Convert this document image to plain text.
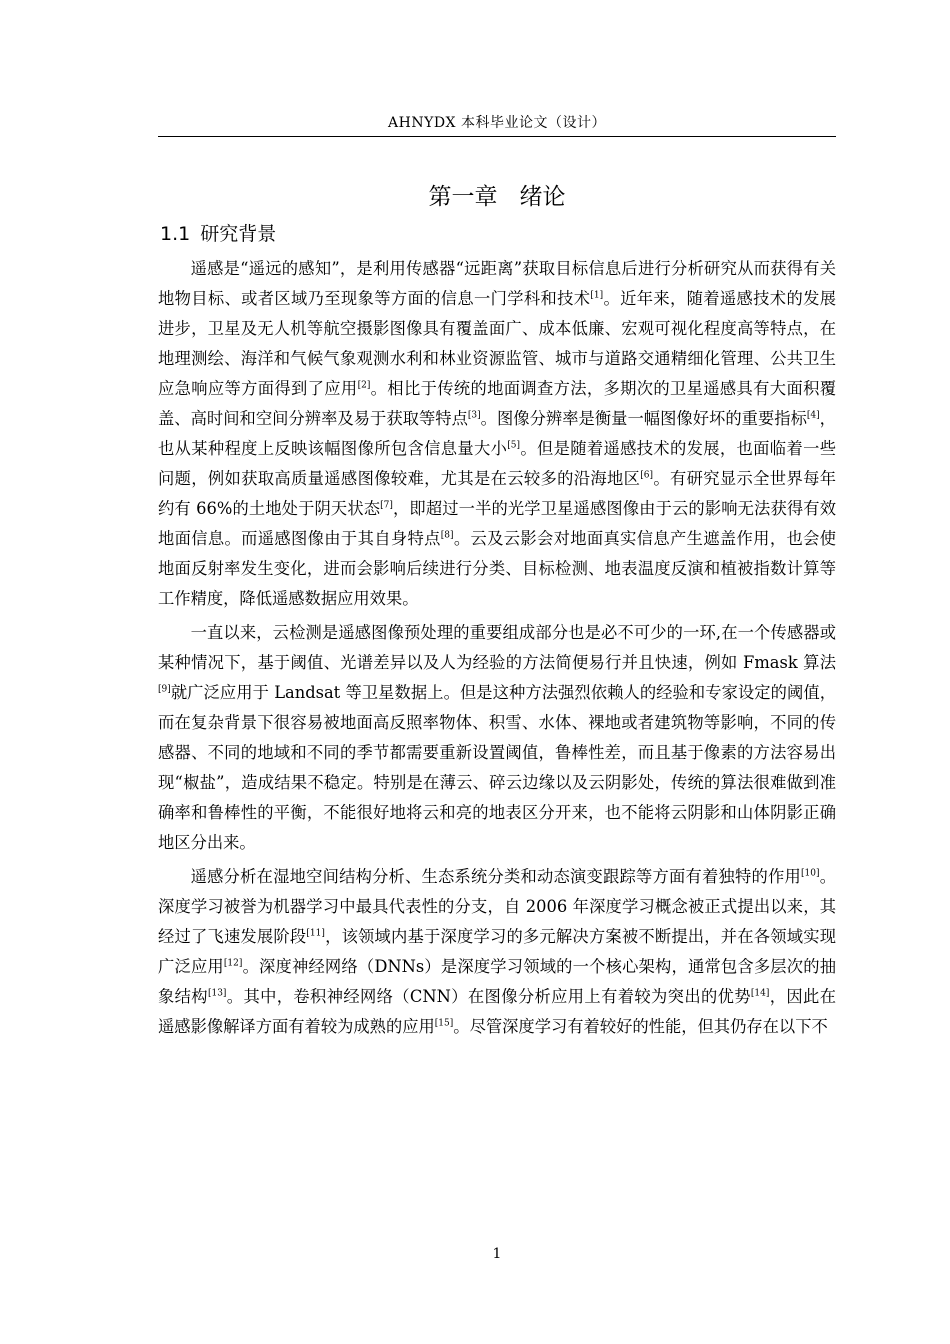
AHNYDX 本科毕业论文（设计）
第一章 绪论
1.1 研究背景

遥感是“遥远的感知”，是利用传感器“远距离”获取目标信息后进行分析研究从而获得有关地物目标、或者区域乃至现象等方面的信息一门学科和技术[1]。近年来，随着遥感技术的发展进步，卫星及无人机等航空摄影图像具有覆盖面广、成本低廉、宏观可视化程度高等特点，在地理测绘、海洋和气候气象观测水利和林业资源监管、城市与道路交通精细化管理、公共卫生应急响应等方面得到了应用[2]。相比于传统的地面调查方法，多期次的卫星遥感具有大面积覆盖、高时间和空间分辨率及易于获取等特点[3]。图像分辨率是衡量一幅图像好坏的重要指标[4]，也从某种程度上反映该幅图像所包含信息量大小[5]。但是随着遥感技术的发展，也面临着一些问题，例如获取高质量遥感图像较难，尤其是在云较多的沿海地区[6]。有研究显示全世界每年约有 66%的土地处于阴天状态[7]，即超过一半的光学卫星遥感图像由于云的影响无法获得有效地面信息。而遥感图像由于其自身特点[8]。云及云影会对地面真实信息产生遮盖作用，也会使地面反射率发生变化，进而会影响后续进行分类、目标检测、地表温度反演和植被指数计算等工作精度，降低遥感数据应用效果。

一直以来，云检测是遥感图像预处理的重要组成部分也是必不可少的一环,在一个传感器或某种情况下，基于阈值、光谱差异以及人为经验的方法简便易行并且快速，例如 Fmask 算法[9]就广泛应用于 Landsat 等卫星数据上。但是这种方法强烈依赖人的经验和专家设定的阈值，而在复杂背景下很容易被地面高反照率物体、积雪、水体、裸地或者建筑物等影响，不同的传感器、不同的地域和不同的季节都需要重新设置阈值，鲁棒性差，而且基于像素的方法容易出现“椒盐”，造成结果不稳定。特别是在薄云、碎云边缘以及云阴影处，传统的算法很难做到准确率和鲁棒性的平衡，不能很好地将云和亮的地表区分开来，也不能将云阴影和山体阴影正确地区分出来。

遥感分析在湿地空间结构分析、生态系统分类和动态演变跟踪等方面有着独特的作用[10]。深度学习被誉为机器学习中最具代表性的分支，自 2006 年深度学习概念被正式提出以来，其经过了飞速发展阶段[11]，该领域内基于深度学习的多元解决方案被不断提出，并在各领域实现广泛应用[12]。深度神经网络（DNNs）是深度学习领域的一个核心架构，通常包含多层次的抽象结构[13]。其中，卷积神经网络（CNN）在图像分析应用上有着较为突出的优势[14]，因此在遥感影像解译方面有着较为成熟的应用[15]。尽管深度学习有着较好的性能，但其仍存在以下不

1
